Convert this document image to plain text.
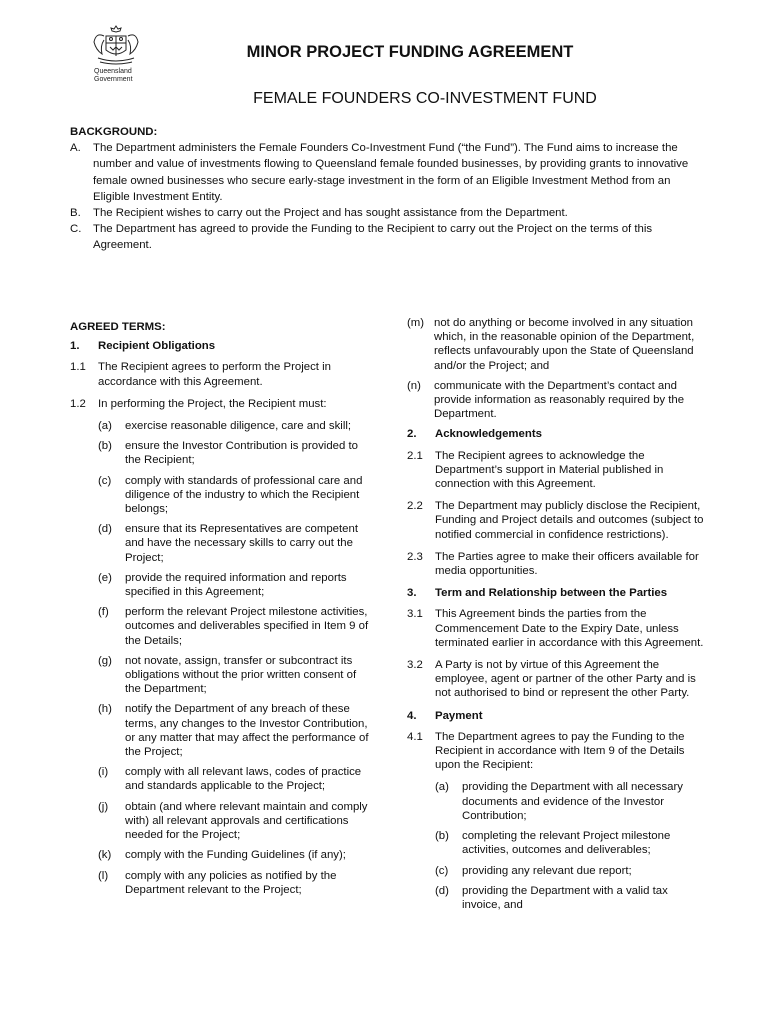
Queensland
Government
MINOR PROJECT FUNDING AGREEMENT
FEMALE FOUNDERS CO-INVESTMENT FUND
BACKGROUND:
A.	The Department administers the Female Founders Co-Investment Fund (“the Fund”). The Fund aims to increase the number and value of investments flowing to Queensland female founded businesses, by providing grants to innovative female owned businesses who secure early-stage investment in the form of an Eligible Investment Method from an Eligible Investment Entity.
B.	The Recipient wishes to carry out the Project and has sought assistance from the Department.
C.	The Department has agreed to provide the Funding to the Recipient to carry out the Project on the terms of this Agreement.
AGREED TERMS:
1.	Recipient Obligations
1.1	The Recipient agrees to perform the Project in accordance with this Agreement.
1.2	In performing the Project, the Recipient must:
(a)	exercise reasonable diligence, care and skill;
(b)	ensure the Investor Contribution is provided to the Recipient;
(c)	comply with standards of professional care and diligence of the industry to which the Recipient belongs;
(d)	ensure that its Representatives are competent and have the necessary skills to carry out the Project;
(e)	provide the required information and reports specified in this Agreement;
(f)	perform the relevant Project milestone activities, outcomes and deliverables specified in Item 9 of the Details;
(g)	not novate, assign, transfer or subcontract its obligations without the prior written consent of the Department;
(h)	notify the Department of any breach of these terms, any changes to the Investor Contribution, or any matter that may affect the performance of the Project;
(i)	comply with all relevant laws, codes of practice and standards applicable to the Project;
(j)	obtain (and where relevant maintain and comply with) all relevant approvals and certifications needed for the Project;
(k)	comply with the Funding Guidelines (if any);
(l)	comply with any policies as notified by the Department relevant to the Project;
(m) not do anything or become involved in any situation which, in the reasonable opinion of the Department, reflects unfavourably upon the State of Queensland and/or the Project; and
(n)	communicate with the Department’s contact and provide information as reasonably required by the Department.
2.	Acknowledgements
2.1	The Recipient agrees to acknowledge the Department’s support in Material published in connection with this Agreement.
2.2	The Department may publicly disclose the Recipient, Funding and Project details and outcomes (subject to notified commercial in confidence restrictions).
2.3	The Parties agree to make their officers available for media opportunities.
3.	Term and Relationship between the Parties
3.1	This Agreement binds the parties from the Commencement Date to the Expiry Date, unless terminated earlier in accordance with this Agreement.
3.2	A Party is not by virtue of this Agreement the employee, agent or partner of the other Party and is not authorised to bind or represent the other Party.
4.	Payment
4.1	The Department agrees to pay the Funding to the Recipient in accordance with Item 9 of the Details upon the Recipient:
(a)	providing the Department with all necessary documents and evidence of the Investor Contribution;
(b)	completing the relevant Project milestone activities, outcomes and deliverables;
(c)	providing any relevant due report;
(d)	providing the Department with a valid tax invoice, and
